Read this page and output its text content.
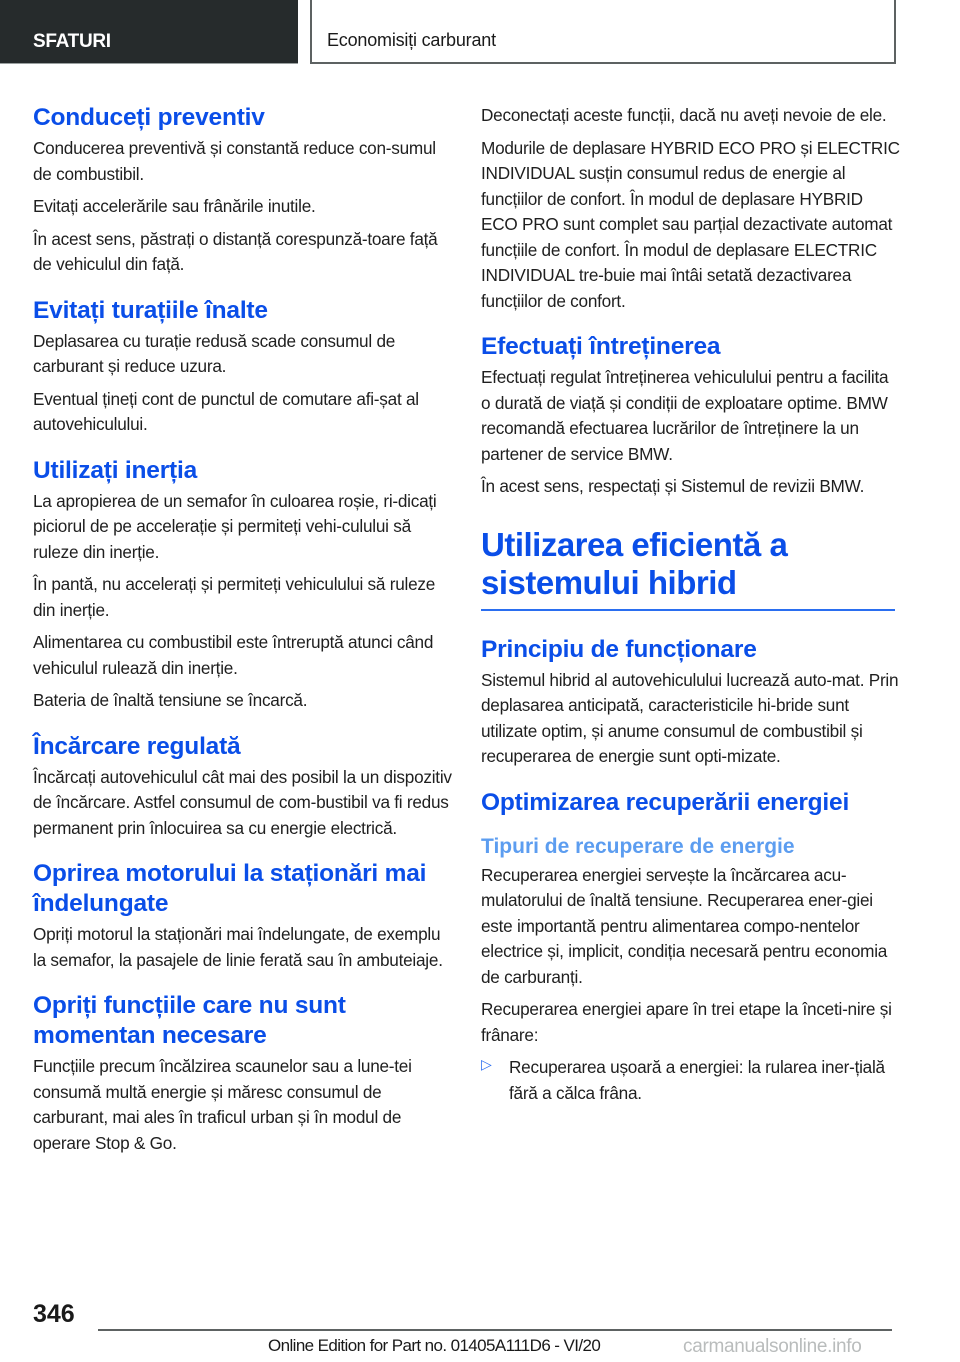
SFATURI	Economisiți carburant
Conduceți preventiv

Conducerea preventivă și constantă reduce con-sumul de combustibil.

Evitați accelerările sau frânările inutile.

În acest sens, păstrați o distanță corespunză-toare față de vehiculul din față.

Evitați turațiile înalte

Deplasarea cu turație redusă scade consumul de carburant și reduce uzura.

Eventual țineți cont de punctul de comutare afi-șat al autovehiculului.

Utilizați inerția

La apropierea de un semafor în culoarea roșie, ri-dicați piciorul de pe accelerație și permiteți vehi-culului să ruleze din inerție.

În pantă, nu accelerați și permiteți vehiculului să ruleze din inerție.

Alimentarea cu combustibil este întreruptă atunci când vehiculul rulează din inerție.

Bateria de înaltă tensiune se încarcă.

Încărcare regulată

Încărcați autovehiculul cât mai des posibil la un dispozitiv de încărcare. Astfel consumul de com-bustibil va fi redus permanent prin înlocuirea sa cu energie electrică.

Oprirea motorului la staționări mai îndelungate

Opriți motorul la staționări mai îndelungate, de exemplu la semafor, la pasajele de linie ferată sau în ambuteiaje.

Opriți funcțiile care nu sunt momentan necesare

Funcțiile precum încălzirea scaunelor sau a lune-tei consumă multă energie și măresc consumul de carburant, mai ales în traficul urban și în modul de operare Stop & Go.

Deconectați aceste funcții, dacă nu aveți nevoie de ele.

Modurile de deplasare HYBRID ECO PRO și ELECTRIC INDIVIDUAL susțin consumul redus de energie al funcțiilor de confort. În modul de deplasare HYBRID ECO PRO sunt complet sau parțial dezactivate automat funcțiile de confort. În modul de deplasare ELECTRIC INDIVIDUAL tre-buie mai întâi setată dezactivarea funcțiilor de confort.

Efectuați întreținerea

Efectuați regulat întreținerea vehiculului pentru a facilita o durată de viață și condiții de exploatare optime. BMW recomandă efectuarea lucrărilor de întreținere la un partener de service BMW.

În acest sens, respectați și Sistemul de revizii BMW.

Utilizarea eficientă a sistemului hibrid
Principiu de funcționare

Sistemul hibrid al autovehiculului lucrează auto-mat. Prin deplasarea anticipată, caracteristicile hi-bride sunt utilizate optim, și anume consumul de combustibil și recuperarea de energie sunt opti-mizate.

Optimizarea recuperării energiei
Tipuri de recuperare de energie

Recuperarea energiei servește la încărcarea acu-mulatorului de înaltă tensiune. Recuperarea ener-giei este importantă pentru alimentarea compo-nentelor electrice și, implicit, condiția necesară pentru economia de carburanți.

Recuperarea energiei apare în trei etape la înceti-nire și frânare:

▷ Recuperarea ușoară a energiei: la rularea iner-țială fără a călca frâna.

346
Online Edition for Part no. 01405A111D6 - VI/20	carmanualsonline.info
